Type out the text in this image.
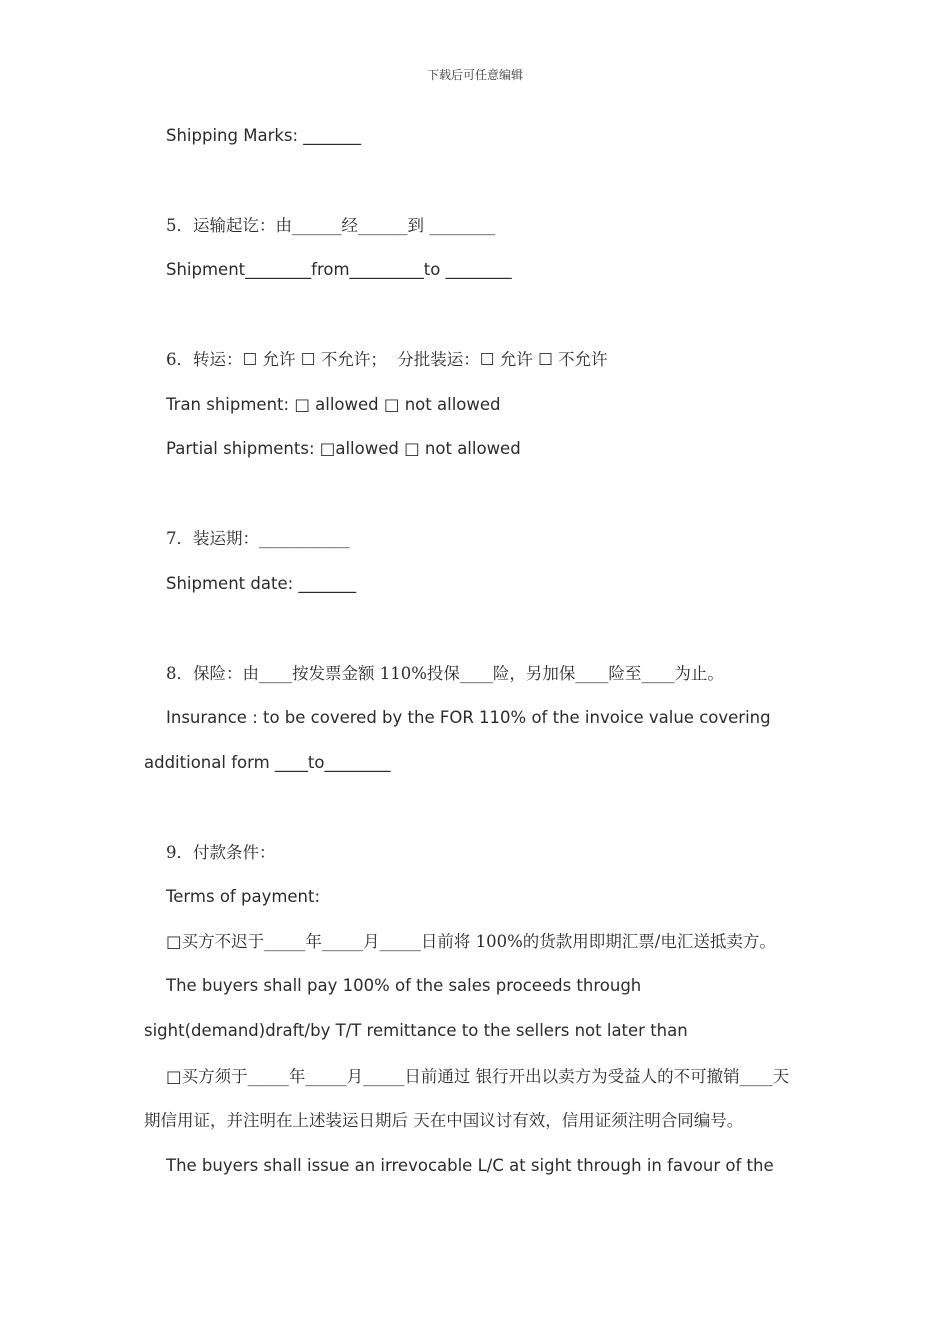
下载后可任意编辑
Shipping Marks: _______
5．运输起讫：由______经______到 ________
Shipment________from_________to ________
6．转运：☐ 允许 ☐ 不允许；  分批装运：☐ 允许 ☐ 不允许
Tran shipment: □ allowed □ not allowed
Partial shipments: □allowed □ not allowed
7．装运期：___________
Shipment date: _______
8．保险：由____按发票金额 110%投保____险，另加保____险至____为止。
Insurance : to be covered by the FOR 110% of the invoice value covering
additional form ____to________
9．付款条件：
Terms of payment:
□买方不迟于_____年_____月_____日前将 100%的货款用即期汇票/电汇送抵卖方。
The buyers shall pay 100% of the sales proceeds through
sight(demand)draft/by T/T remittance to the sellers not later than
□买方须于_____年_____月_____日前通过 银行开出以卖方为受益人的不可撤销____天
期信用证，并注明在上述装运日期后 天在中国议讨有效，信用证须注明合同编号。
The buyers shall issue an irrevocable L/C at sight through in favour of the
